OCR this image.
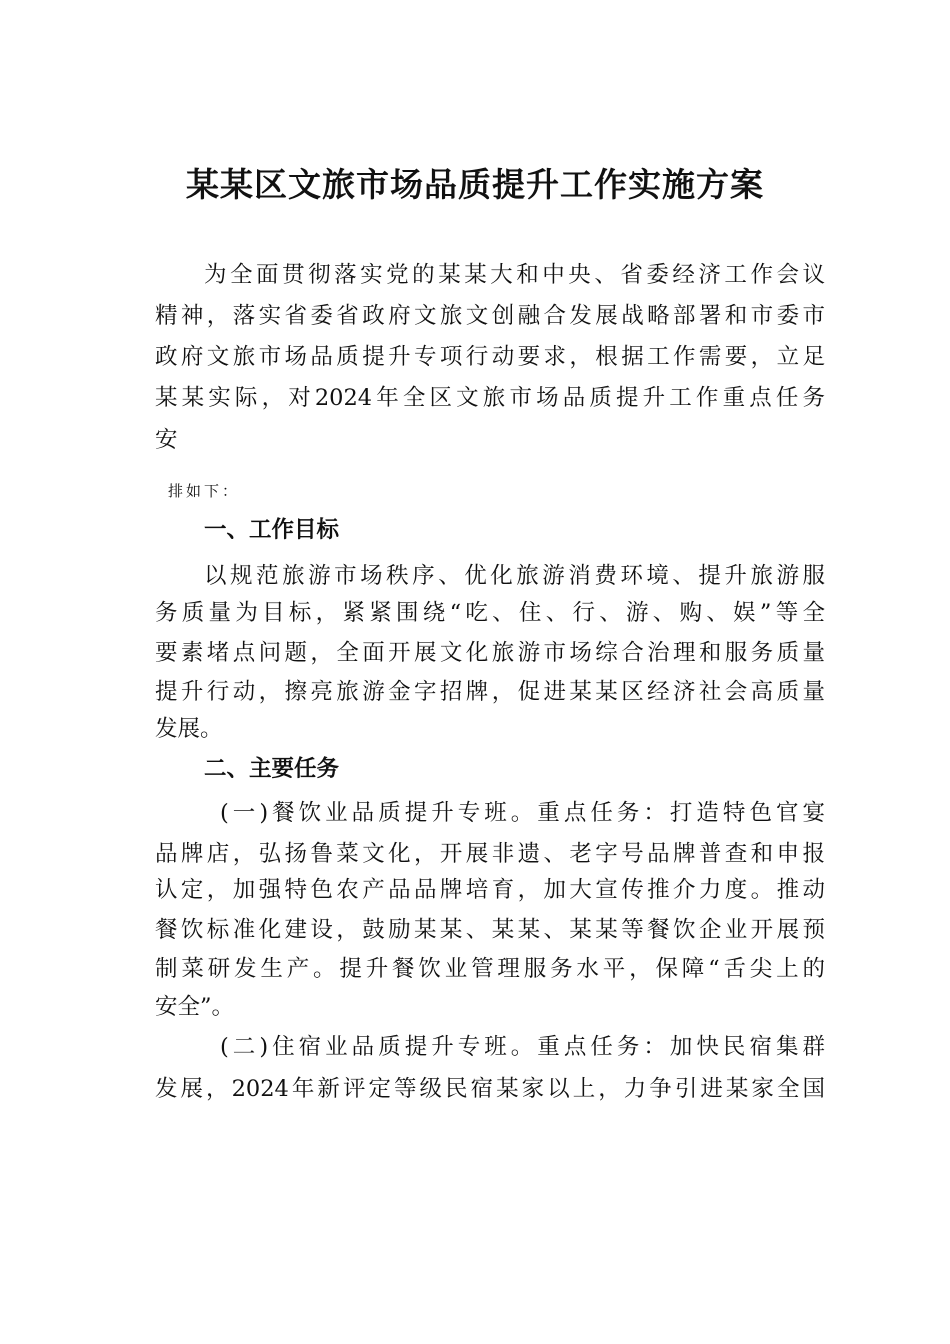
某某区文旅市场品质提升工作实施方案

为全面贯彻落实党的某某大和中央、省委经济工作会议

精神，落实省委省政府文旅文创融合发展战略部署和市委市

政府文旅市场品质提升专项行动要求，根据工作需要，立足

某某实际，对2024年全区文旅市场品质提升工作重点任务

安

排如下：

一、工作目标

以规范旅游市场秩序、优化旅游消费环境、提升旅游服

务质量为目标，紧紧围绕“吃、住、行、游、购、娱”等全

要素堵点问题，全面开展文化旅游市场综合治理和服务质量

提升行动，擦亮旅游金字招牌，促进某某区经济社会高质量

发展。

二、主要任务

(一)餐饮业品质提升专班。重点任务：打造特色官宴

品牌店，弘扬鲁菜文化，开展非遗、老字号品牌普查和申报

认定，加强特色农产品品牌培育，加大宣传推介力度。推动

餐饮标准化建设，鼓励某某、某某、某某等餐饮企业开展预

制菜研发生产。提升餐饮业管理服务水平，保障“舌尖上的

安全”。

(二)住宿业品质提升专班。重点任务：加快民宿集群

发展，2024年新评定等级民宿某家以上，力争引进某家全国
